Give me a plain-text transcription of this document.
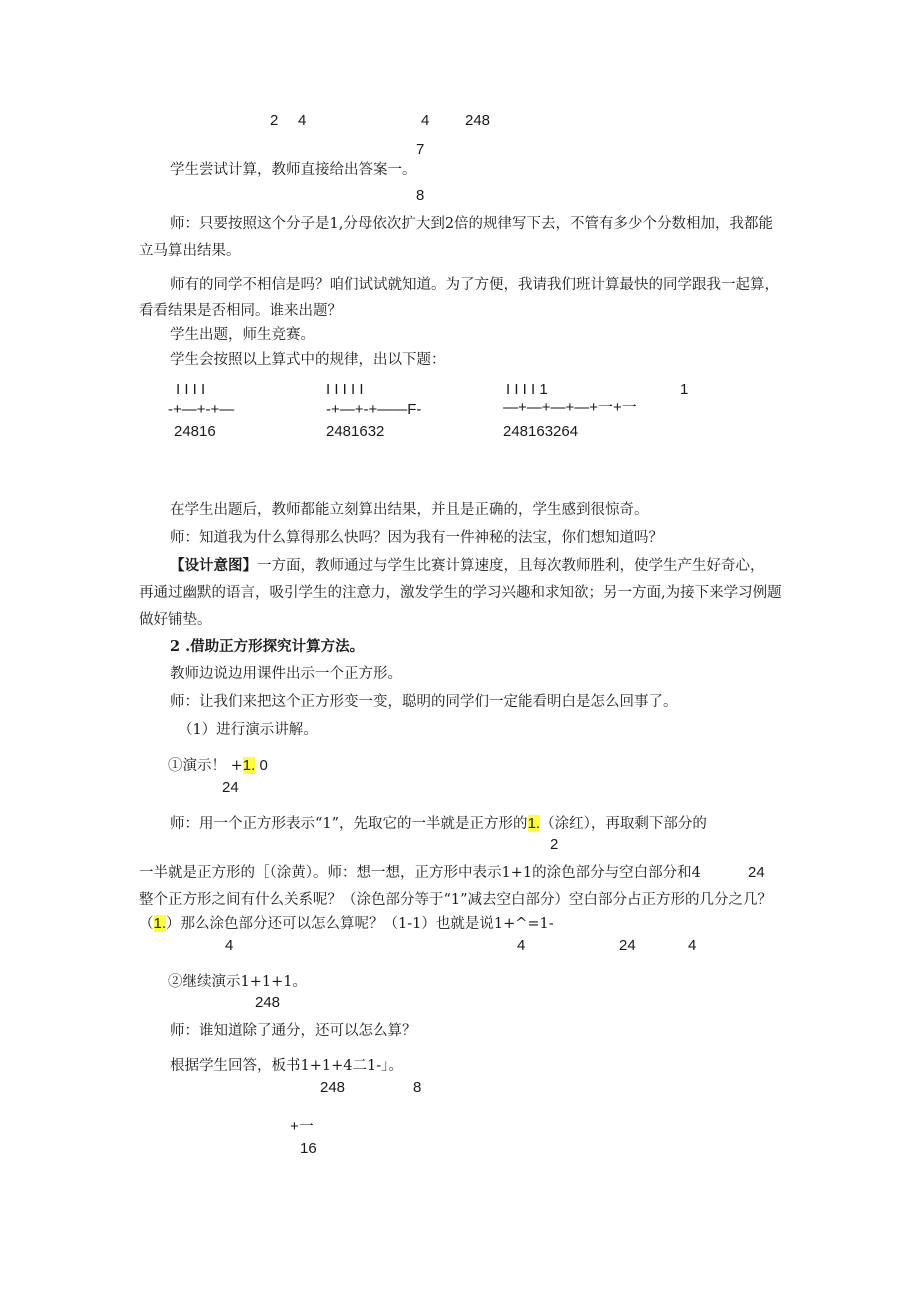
2 4	4 248
7
学生尝试计算，教师直接给出答案一。
8
师：只要按照这个分子是1,分母依次扩大到2倍的规律写下去，不管有多少个分数相加，我都能
立马算出结果。
师有的同学不相信是吗？咱们试试就知道。为了方便，我请我们班计算最快的同学跟我一起算，
看看结果是否相同。谁来出题？
学生出题，师生竞赛。
学生会按照以上算式中的规律，出以下题：
I I I I
-+—+-+—
24816
I I I I I
-+—+-+——F-
2481632
I I I I 1
—+—+—+—+一+一
248163264
1
在学生出题后，教师都能立刻算出结果，并且是正确的，学生感到很惊奇。
师：知道我为什么算得那么快吗？因为我有一件神秘的法宝，你们想知道吗？
【设计意图】一方面，教师通过与学生比赛计算速度，且每次教师胜利，使学生产生好奇心，
再通过幽默的语言，吸引学生的注意力，激发学生的学习兴趣和求知欲；另一方面,为接下来学习例题
做好铺垫。
2 .借助正方形探究计算方法。
教师边说边用课件出示一个正方形。
师：让我们来把这个正方形变一变，聪明的同学们一定能看明白是怎么回事了。
（1）进行演示讲解。
①演示！ +1. 0
24
师：用一个正方形表示“1”，先取它的一半就是正方形的1.（涂红），再取剩下部分的
2
一半就是正方形的［（涂黄）。师：想一想，正方形中表示1+1的涂色部分与空白部分和4	24
整个正方形之间有什么关系呢？（涂色部分等于“1”减去空白部分）空白部分占正方形的几分之几？
（1.）那么涂色部分还可以怎么算呢？（1-1）也就是说1+^=1-
4	4	24	4
②继续演示1+1+1。
248
师：谁知道除了通分，还可以怎么算？
根据学生回答，板书1+1+4二1-」。
248	8
+一
16
